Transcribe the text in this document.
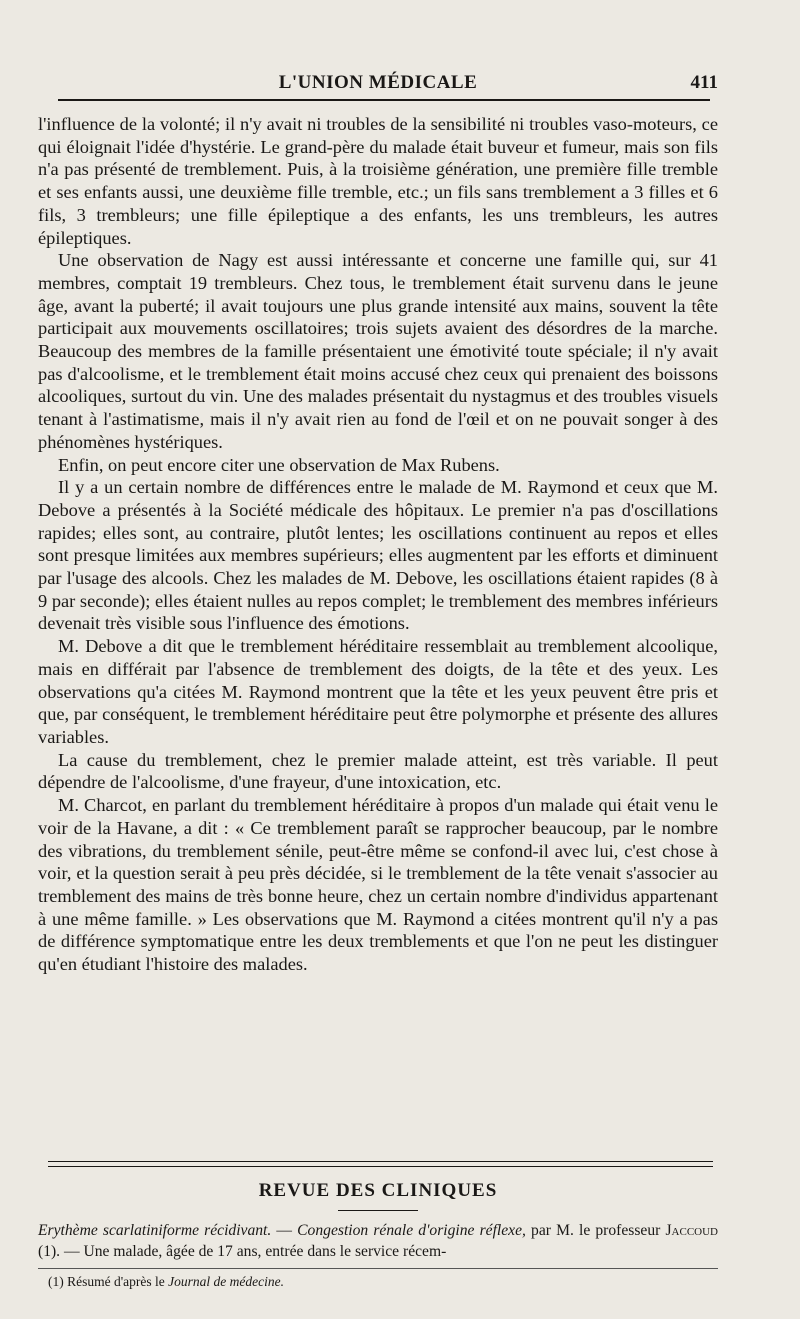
L'UNION MÉDICALE	411

l'influence de la volonté; il n'y avait ni troubles de la sensibilité ni troubles vaso-moteurs, ce qui éloignait l'idée d'hystérie. Le grand-père du malade était buveur et fumeur, mais son fils n'a pas présenté de tremblement. Puis, à la troisième génération, une première fille tremble et ses enfants aussi, une deuxième fille tremble, etc.; un fils sans tremblement a 3 filles et 6 fils, 3 trembleurs; une fille épileptique a des enfants, les uns trembleurs, les autres épileptiques.

Une observation de Nagy est aussi intéressante et concerne une famille qui, sur 41 membres, comptait 19 trembleurs. Chez tous, le tremblement était survenu dans le jeune âge, avant la puberté; il avait toujours une plus grande intensité aux mains, souvent la tête participait aux mouvements oscillatoires; trois sujets avaient des désordres de la marche. Beaucoup des membres de la famille présentaient une émotivité toute spéciale; il n'y avait pas d'alcoolisme, et le tremblement était moins accusé chez ceux qui prenaient des boissons alcooliques, surtout du vin. Une des malades présentait du nystagmus et des troubles visuels tenant à l'astimatisme, mais il n'y avait rien au fond de l'œil et on ne pouvait songer à des phénomènes hystériques.

Enfin, on peut encore citer une observation de Max Rubens.

Il y a un certain nombre de différences entre le malade de M. Raymond et ceux que M. Debove a présentés à la Société médicale des hôpitaux. Le premier n'a pas d'oscillations rapides; elles sont, au contraire, plutôt lentes; les oscillations continuent au repos et elles sont presque limitées aux membres supérieurs; elles augmentent par les efforts et diminuent par l'usage des alcools. Chez les malades de M. Debove, les oscillations étaient rapides (8 à 9 par seconde); elles étaient nulles au repos complet; le tremblement des membres inférieurs devenait très visible sous l'influence des émotions.

M. Debove a dit que le tremblement héréditaire ressemblait au tremblement alcoolique, mais en différait par l'absence de tremblement des doigts, de la tête et des yeux. Les observations qu'a citées M. Raymond montrent que la tête et les yeux peuvent être pris et que, par conséquent, le tremblement héréditaire peut être polymorphe et présente des allures variables.

La cause du tremblement, chez le premier malade atteint, est très variable. Il peut dépendre de l'alcoolisme, d'une frayeur, d'une intoxication, etc.

M. Charcot, en parlant du tremblement héréditaire à propos d'un malade qui était venu le voir de la Havane, a dit : « Ce tremblement paraît se rapprocher beaucoup, par le nombre des vibrations, du tremblement sénile, peut-être même se confond-il avec lui, c'est chose à voir, et la question serait à peu près décidée, si le tremblement de la tête venait s'associer au tremblement des mains de très bonne heure, chez un certain nombre d'individus appartenant à une même famille. » Les observations que M. Raymond a citées montrent qu'il n'y a pas de différence symptomatique entre les deux tremblements et que l'on ne peut les distinguer qu'en étudiant l'histoire des malades.

REVUE DES CLINIQUES
Erythème scarlatiniforme récidivant. — Congestion rénale d'origine réflexe, par M. le professeur Jaccoud (1). — Une malade, âgée de 17 ans, entrée dans le service récem-
(1) Résumé d'après le Journal de médecine.
